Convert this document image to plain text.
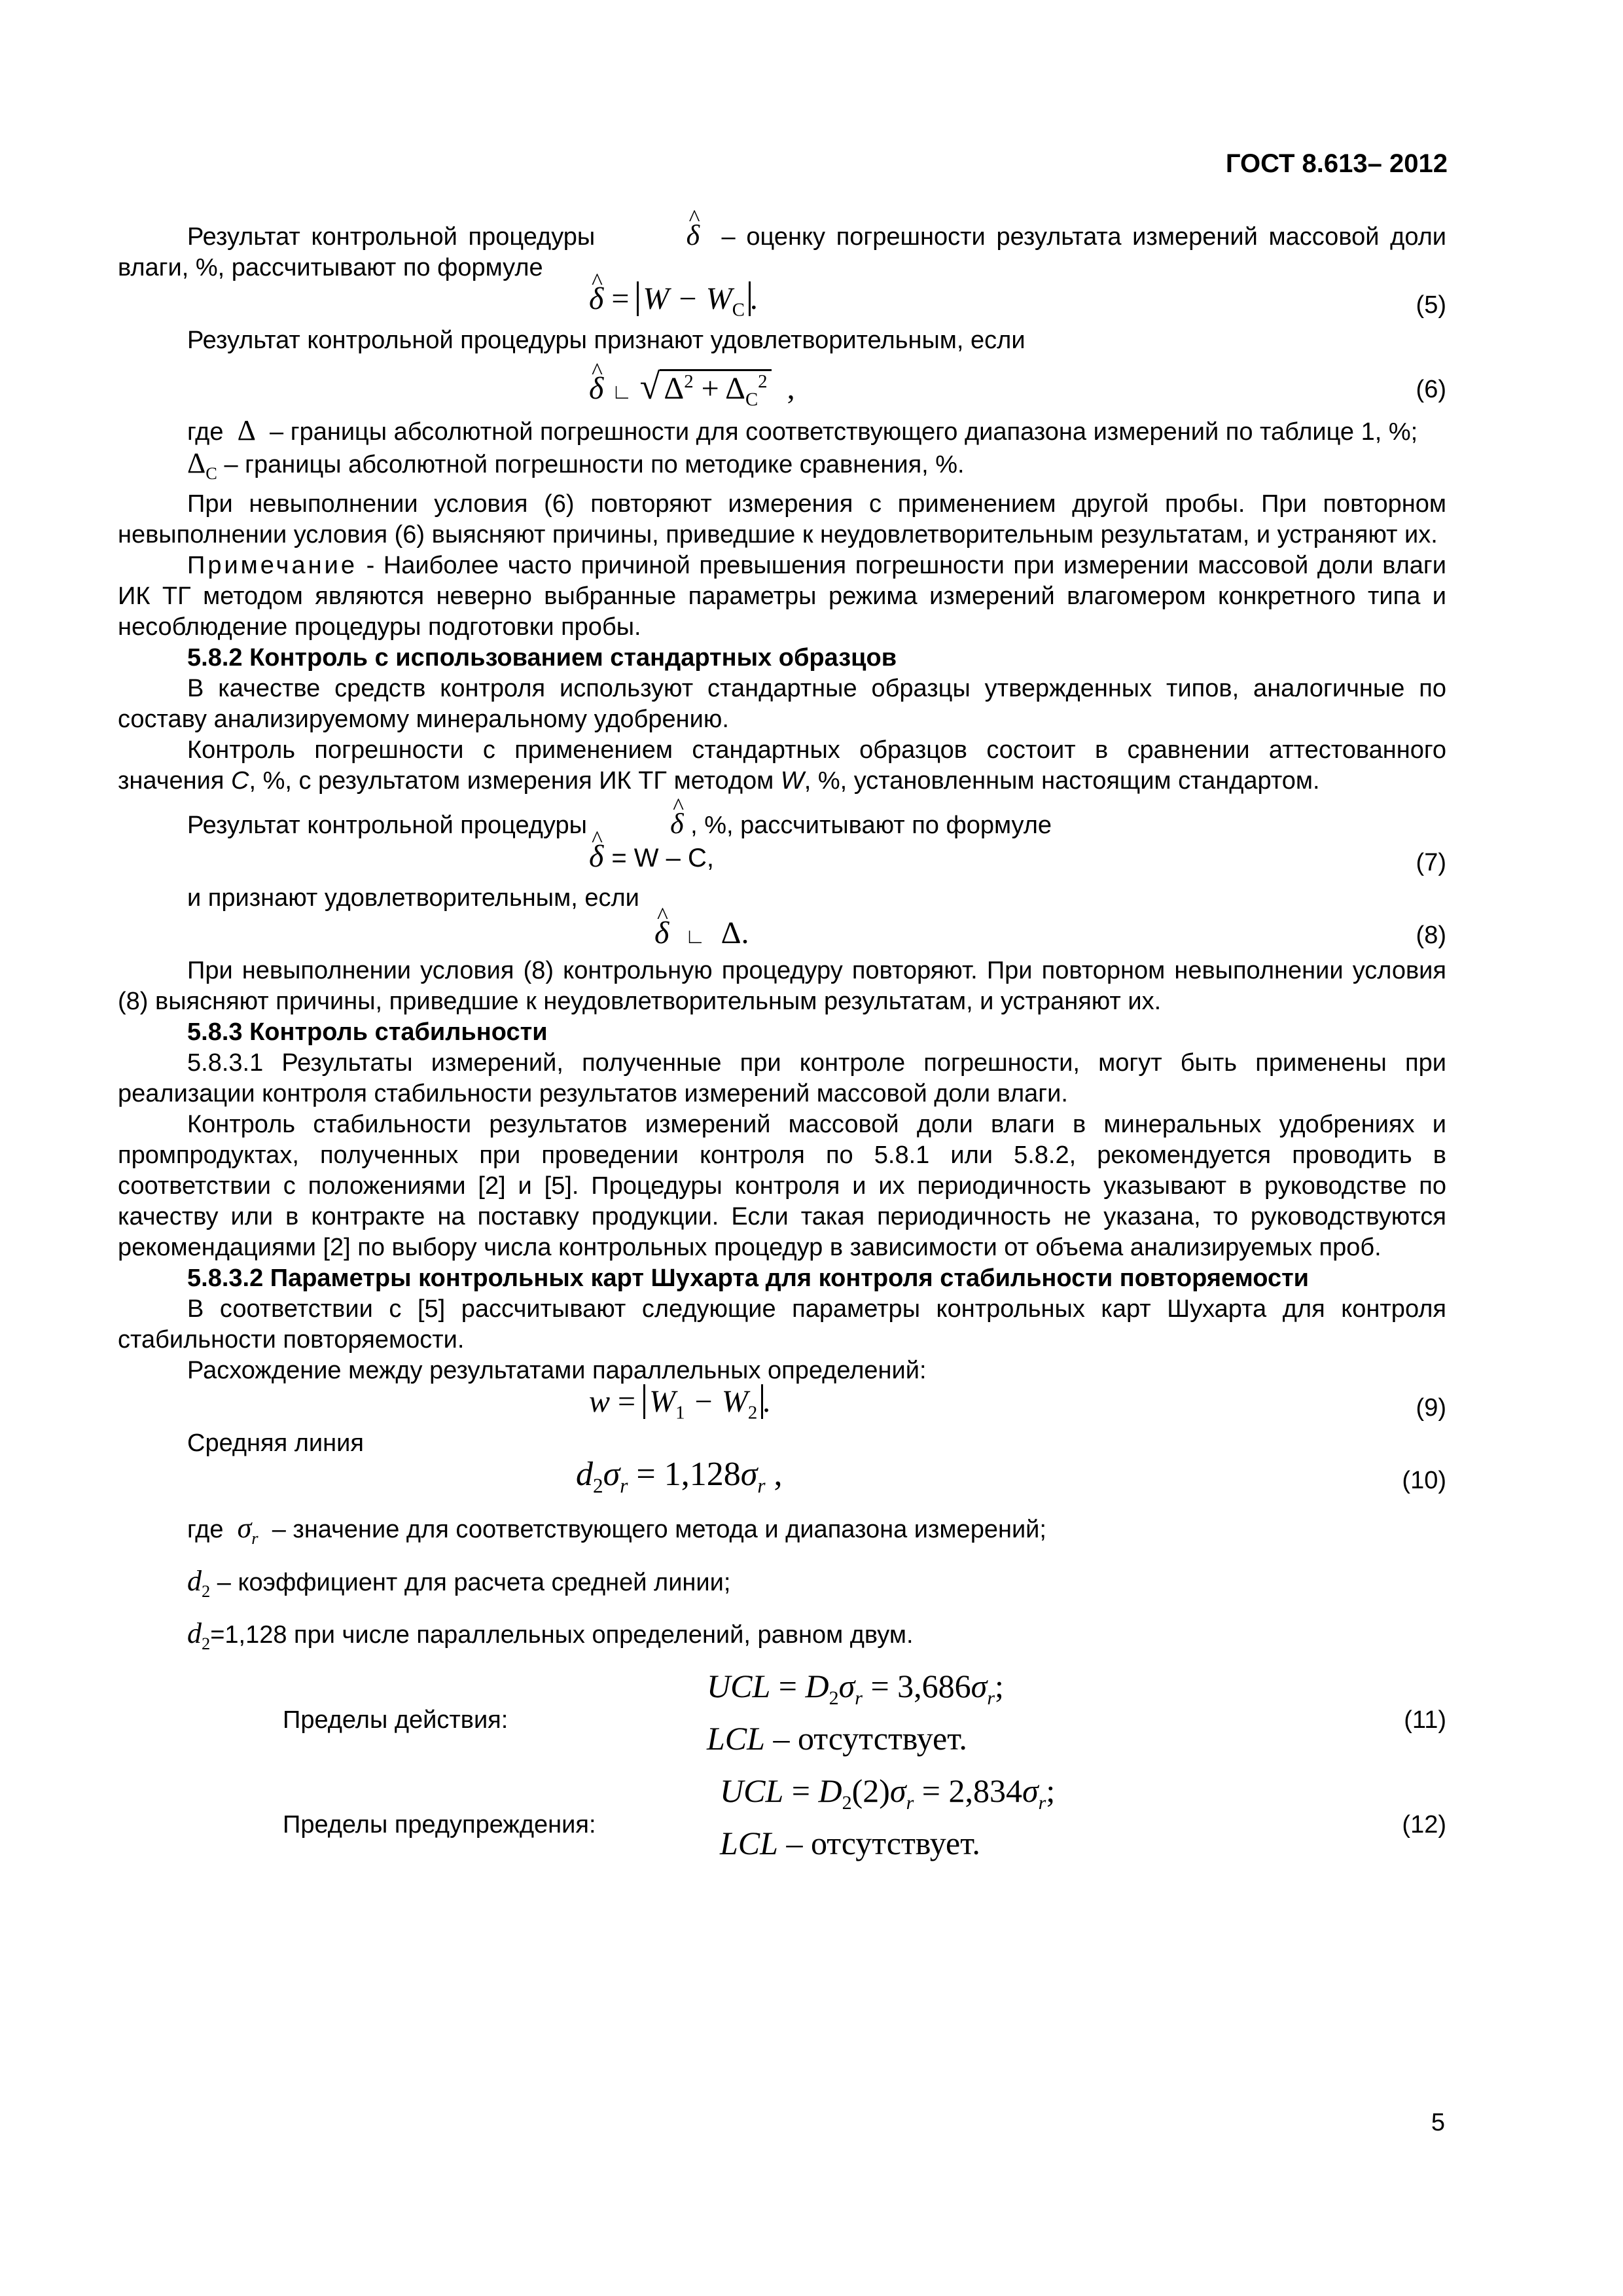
ГОСТ 8.613– 2012

Результат контрольной процедуры	^ δ – оценку погрешности результата измерений массовой доли влаги, %, рассчитывают по формуле

^ $\delta = W - W_C$ .	(5)

Результат контрольной процедуры признают удовлетворительным, если

^ δ ∟ √ $\Delta^2 + \Delta_C^2$ ,	(6)

где Δ – границы абсолютной погрешности для соответствующего диапазона измерений по таблице 1, %;

$\Delta_C$ – границы абсолютной погрешности по методике сравнения, %.

При невыполнении условия (6) повторяют измерения с применением другой пробы. При повторном невыполнении условия (6) выясняют причины, приведшие к неудовлетворительным результатам, и устраняют их.

Примечание - Наиболее часто причиной превышения погрешности при измерении массовой доли влаги ИК ТГ методом являются неверно выбранные параметры режима измерений влагомером конкретного типа и несоблюдение процедуры подготовки пробы.

5.8.2 Контроль с использованием стандартных образцов

В качестве средств контроля используют стандартные образцы утвержденных типов, аналогичные по составу анализируемому минеральному удобрению.

Контроль погрешности с применением стандартных образцов состоит в сравнении аттестованного значения C, %, с результатом измерения ИК ТГ методом W, %, установленным настоящим стандартом.

Результат контрольной процедуры	^ δ , %, рассчитывают по формуле

^ δ = W – C,	(7)

и признают удовлетворительным, если

^ δ ∟ Δ.	(8)

При невыполнении условия (8) контрольную процедуру повторяют. При повторном невыполнении условия (8) выясняют причины, приведшие к неудовлетворительным результатам, и устраняют их.

5.8.3 Контроль стабильности

5.8.3.1 Результаты измерений, полученные при контроле погрешности, могут быть применены при реализации контроля стабильности результатов измерений массовой доли влаги.

Контроль стабильности результатов измерений массовой доли влаги в минеральных удобрениях и промпродуктах, полученных при проведении контроля по 5.8.1 или 5.8.2, рекомендуется проводить в соответствии с положениями [2] и [5]. Процедуры контроля и их периодичность указывают в руководстве по качеству или в контракте на поставку продукции. Если такая периодичность не указана, то руководствуются рекомендациями [2] по выбору числа контрольных процедур в зависимости от объема анализируемых проб.

5.8.3.2 Параметры контрольных карт Шухарта для контроля стабильности повторяемости

В соответствии с [5] рассчитывают следующие параметры контрольных карт Шухарта для контроля стабильности повторяемости.

Расхождение между результатами параллельных определений:

$w = W_1 - W_2$ .	(9)

Средняя линия

$d_2\sigma_r = 1,128\sigma_r$ ,	(10)

где $\sigma_r$ – значение для соответствующего метода и диапазона измерений;

$d_2$ – коэффициент для расчета средней линии;

$d_2=1,128$ при числе параллельных определений, равном двум.

Пределы действия:
UCL = $D_2\sigma_r = 3,686\sigma_r$;
LCL – отсутствует.	(11)
Пределы предупреждения:
UCL = $D_2(2)\sigma_r = 2,834\sigma_r$;
LCL – отсутствует.	(12)
5
